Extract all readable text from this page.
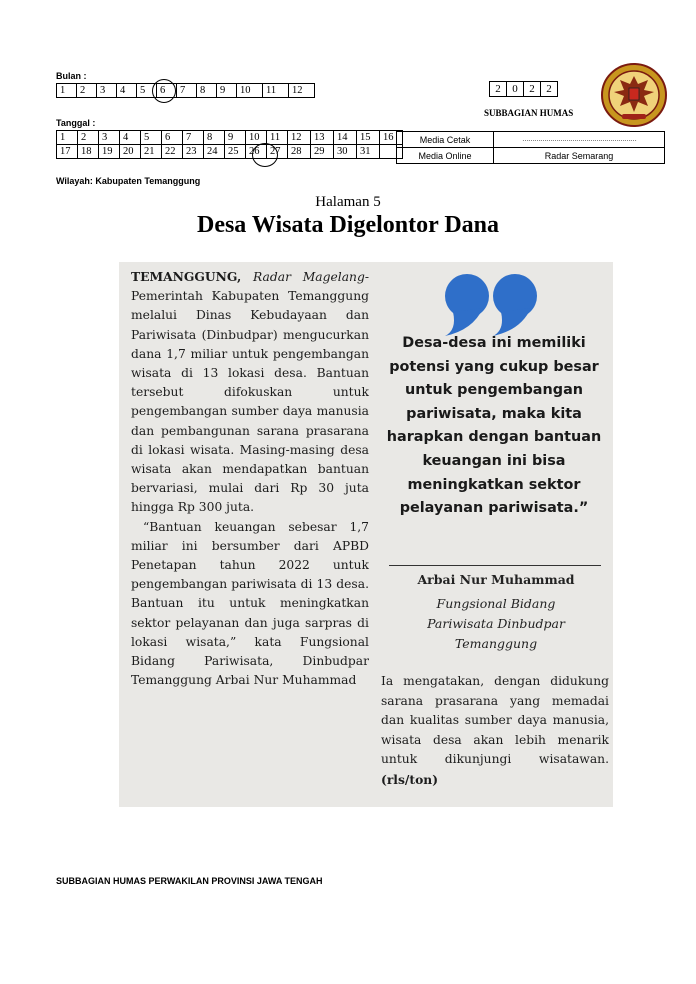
Bulan :
1	2	3	4	5	6	7	8	9	10	11	12	2	0	2	2
SUBBAGIAN HUMAS
Tanggal :
1	2	3	4	5	6	7	8	9	10	11	12	13	14	15	16
17	18	19	20	21	22	23	24	25	26	27	28	29	30	31	
Media Cetak	…………………………………………………
Media Online	Radar Semarang
Wilayah: Kabupaten Temanggung
Halaman 5
Desa Wisata Digelontor Dana

TEMANGGUNG, Radar Magelang-Pemerintah Kabupaten Temanggung melalui Dinas Kebudayaan dan Pariwisata (Dinbudpar) mengucurkan dana 1,7 miliar untuk pengembangan wisata di 13 lokasi desa. Bantuan tersebut difokuskan untuk pengembangan sumber daya manusia dan pembangunan sarana prasarana di lokasi wisata. Masing-masing desa wisata akan mendapatkan bantuan bervariasi, mulai dari Rp 30 juta hingga Rp 300 juta.

“Bantuan keuangan sebesar 1,7 miliar ini bersumber dari APBD Penetapan tahun 2022 untuk pengembangan pariwisata di 13 desa. Bantuan itu untuk meningkatkan sektor pelayanan dan juga sarpras di lokasi wisata,” kata Fungsional Bidang Pariwisata, Dinbudpar Temanggung Arbai Nur Muhammad

Desa-desa ini memiliki potensi yang cukup besar untuk pengembangan pariwisata, maka kita harapkan dengan bantuan keuangan ini bisa meningkatkan sektor pelayanan pariwisata.”
Arbai Nur Muhammad
Fungsional Bidang
Pariwisata Dinbudpar
Temanggung
Ia mengatakan, dengan didukung sarana prasarana yang memadai dan kualitas sumber daya manusia, wisata desa akan lebih menarik untuk dikunjungi wisatawan.(rls/ton)
SUBBAGIAN HUMAS PERWAKILAN PROVINSI JAWA TENGAH
